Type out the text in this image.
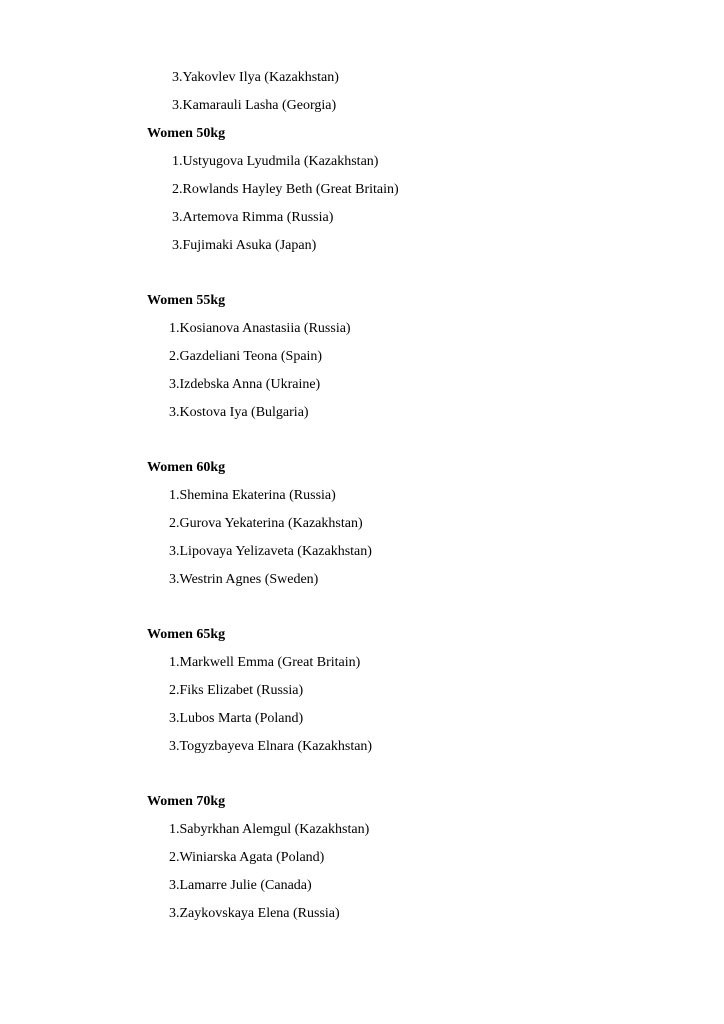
3.Yakovlev Ilya (Kazakhstan)
3.Kamarauli Lasha (Georgia)
Women 50kg
1.Ustyugova Lyudmila (Kazakhstan)
2.Rowlands Hayley Beth (Great Britain)
3.Artemova Rimma (Russia)
3.Fujimaki Asuka (Japan)
Women 55kg
1.Kosianova Anastasiia (Russia)
2.Gazdeliani Teona (Spain)
3.Izdebska Anna (Ukraine)
3.Kostova Iya (Bulgaria)
Women 60kg
1.Shemina Ekaterina (Russia)
2.Gurova Yekaterina (Kazakhstan)
3.Lipovaya Yelizaveta (Kazakhstan)
3.Westrin Agnes (Sweden)
Women 65kg
1.Markwell Emma (Great Britain)
2.Fiks Elizabet (Russia)
3.Lubos Marta (Poland)
3.Togyzbayeva Elnara (Kazakhstan)
Women 70kg
1.Sabyrkhan Alemgul (Kazakhstan)
2.Winiarska Agata (Poland)
3.Lamarre Julie (Canada)
3.Zaykovskaya Elena (Russia)
